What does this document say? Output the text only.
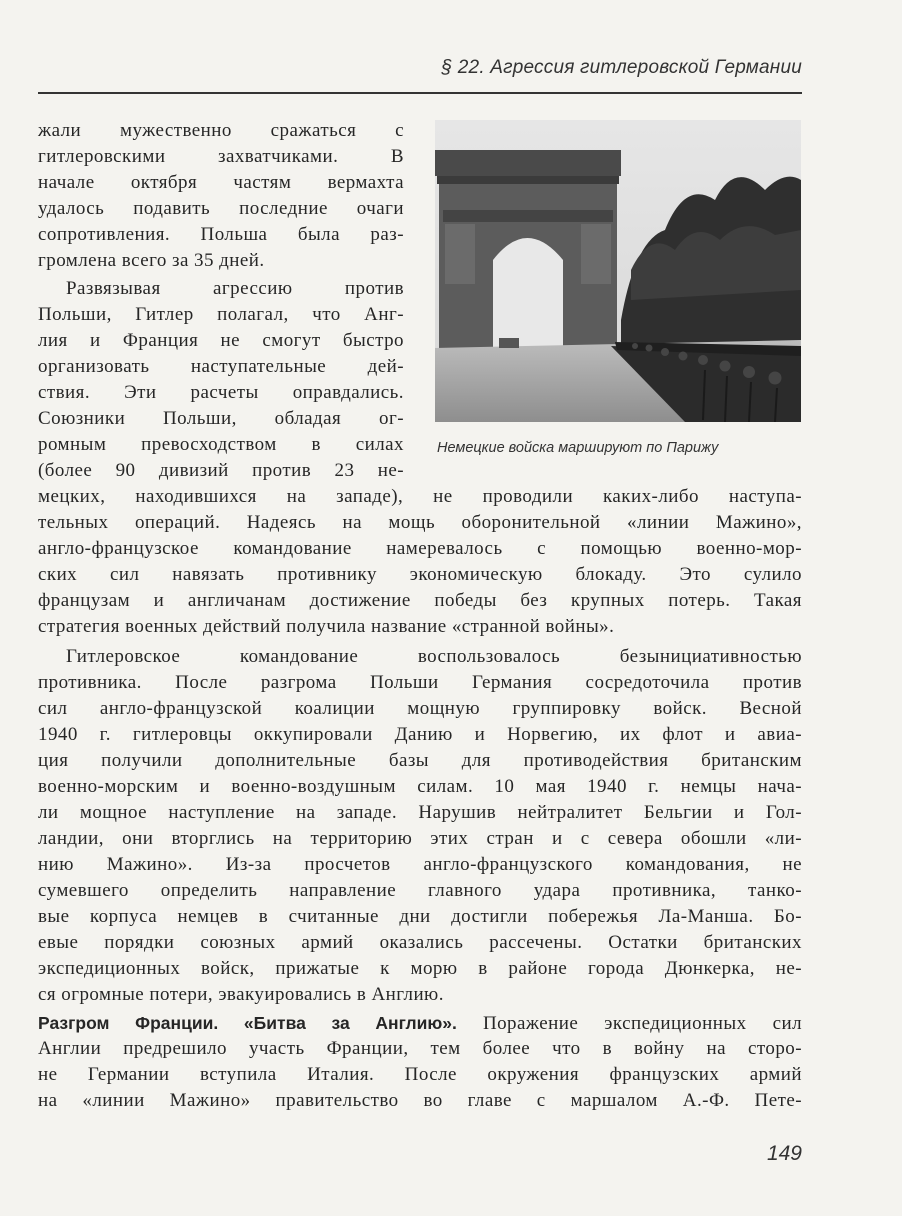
§ 22. Агрессия гитлеровской Германии
Немецкие войска маршируют по Парижу
жали мужественно сражаться с
гитлеровскими захватчиками. В
начале октября частям вермахта
удалось подавить последние очаги
сопротивления. Польша была раз-
громлена всего за 35 дней.
Развязывая агрессию против
Польши, Гитлер полагал, что Анг-
лия и Франция не смогут быстро
организовать наступательные дей-
ствия. Эти расчеты оправдались.
Союзники Польши, обладая ог-
ромным превосходством в силах
(более 90 дивизий против 23 не-
мецких, находившихся на западе), не проводили каких-либо наступа-
тельных операций. Надеясь на мощь оборонительной «линии Мажино»,
англо-французское командование намеревалось с помощью военно-мор-
ских сил навязать противнику экономическую блокаду. Это сулило
французам и англичанам достижение победы без крупных потерь. Такая
стратегия военных действий получила название «странной войны».
Гитлеровское командование воспользовалось безынициативностью
противника. После разгрома Польши Германия сосредоточила против
сил англо-французской коалиции мощную группировку войск. Весной
1940 г. гитлеровцы оккупировали Данию и Норвегию, их флот и авиа-
ция получили дополнительные базы для противодействия британским
военно-морским и военно-воздушным силам. 10 мая 1940 г. немцы нача-
ли мощное наступление на западе. Нарушив нейтралитет Бельгии и Гол-
ландии, они вторглись на территорию этих стран и с севера обошли «ли-
нию Мажино». Из-за просчетов англо-французского командования, не
сумевшего определить направление главного удара противника, танко-
вые корпуса немцев в считанные дни достигли побережья Ла-Манша. Бо-
евые порядки союзных армий оказались рассечены. Остатки британских
экспедиционных войск, прижатые к морю в районе города Дюнкерка, не-
ся огромные потери, эвакуировались в Англию.
Разгром Франции. «Битва за Англию». Поражение экспедиционных сил
Англии предрешило участь Франции, тем более что в войну на сторо-
не Германии вступила Италия. После окружения французских армий
на «линии Мажино» правительство во главе с маршалом А.-Ф. Пете-
149
